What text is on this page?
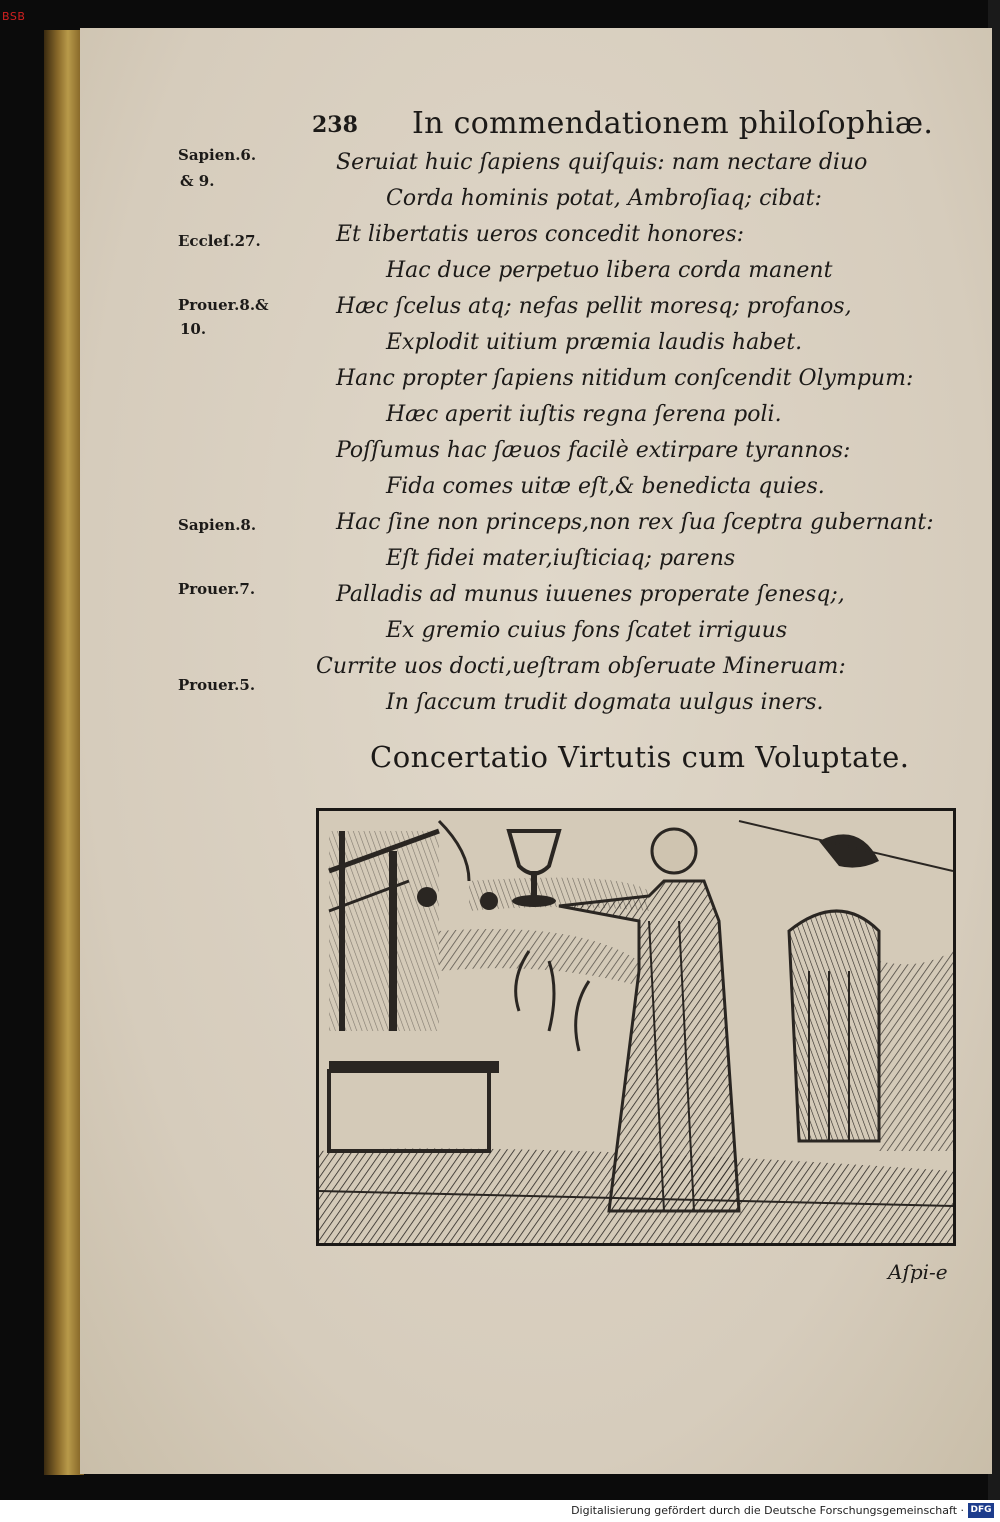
BSB
238 In commendationem philoſophiæ.
Sapien.6.
& 9.
Eccleſ.27.
Prouer.8.&
10.
Sapien.8.
Prouer.7.
Prouer.5.
Seruiat huic ſapiens quiſquis: nam nectare diuo
Corda hominis potat, Ambroſiaq; cibat:
Et libertatis ueros concedit honores:
Hac duce perpetuo libera corda manent
Hæc ſcelus atq; nefas pellit moresq; profanos,
Explodit uitium præmia laudis habet.
Hanc propter ſapiens nitidum conſcendit Olympum:
Hæc aperit iuſtis regna ſerena poli.
Poſſumus hac ſæuos facilè extirpare tyrannos:
Fida comes uitæ eſt,& benedicta quies.
Hac ſine non princeps,non rex ſua ſceptra gubernant:
Eſt fidei mater,iuſticiaq; parens
Palladis ad munus iuuenes properate ſenesq;,
Ex gremio cuius fons ſcatet irriguus
Currite uos docti,ueſtram obſeruate Mineruam:
In ſaccum trudit dogmata uulgus iners.
Concertatio Virtutis cum Voluptate.
Aſpi-e
Digitalisierung gefördert durch die Deutsche Forschungsgemeinschaft · DFG
